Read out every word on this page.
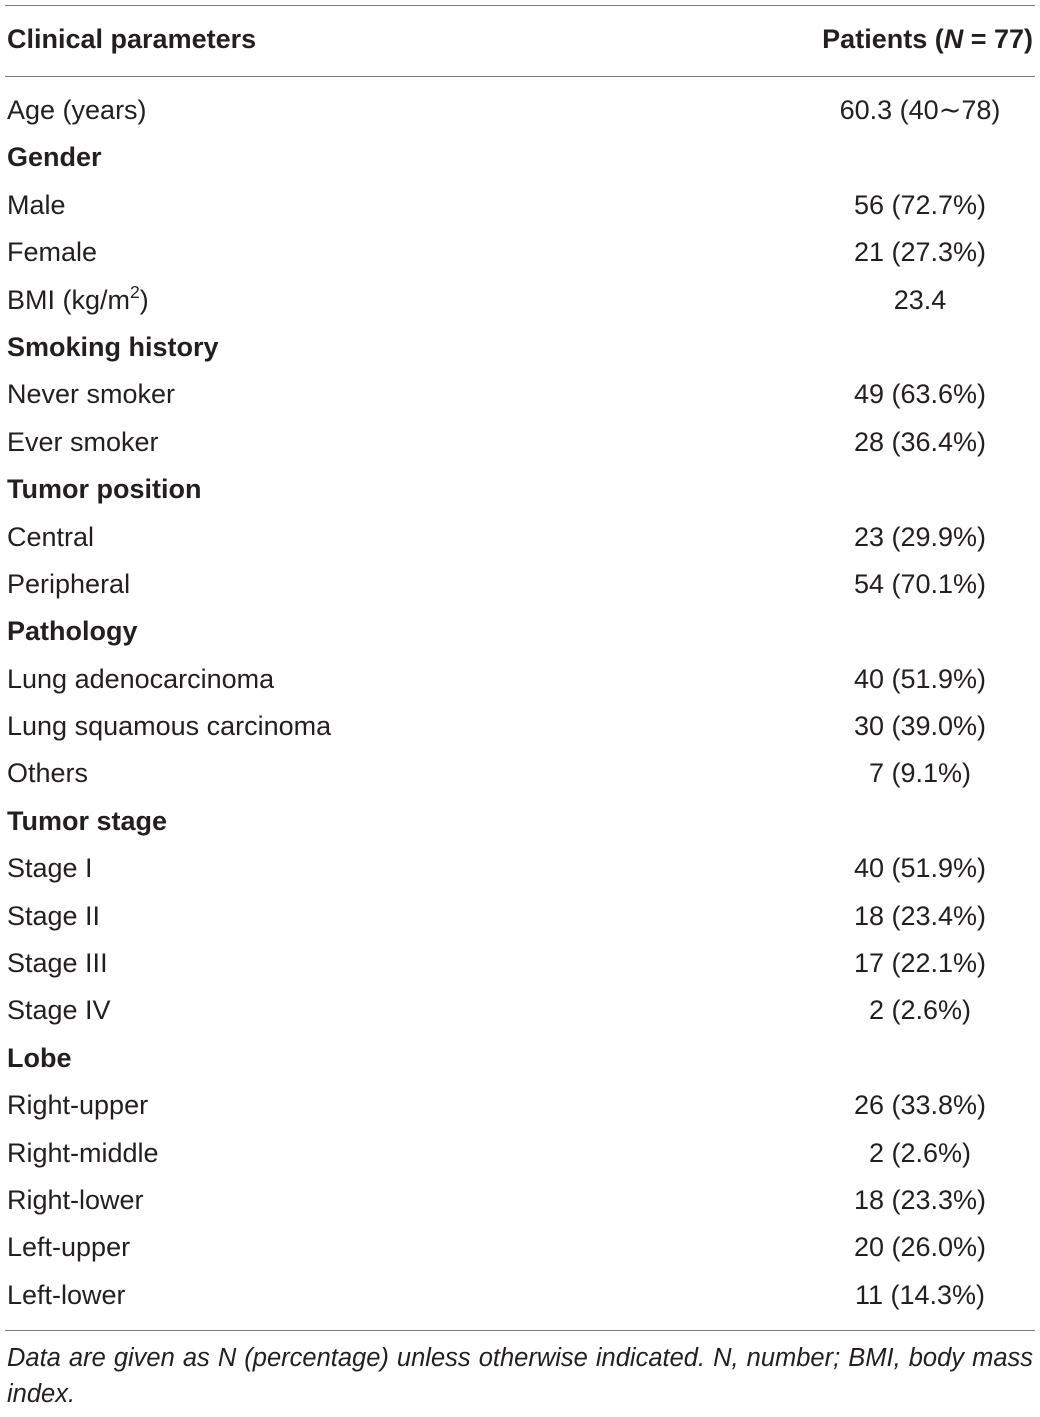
Clinical parameters	Patients (N = 77)
Age (years)	60.3 (40∼78)
Gender
Male	56 (72.7%)
Female	21 (27.3%)
BMI $(kg/m^2)$	23.4
Smoking history
Never smoker	49 (63.6%)
Ever smoker	28 (36.4%)
Tumor position
Central	23 (29.9%)
Peripheral	54 (70.1%)
Pathology
Lung adenocarcinoma	40 (51.9%)
Lung squamous carcinoma	30 (39.0%)
Others	7 (9.1%)
Tumor stage
Stage I	40 (51.9%)
Stage II	18 (23.4%)
Stage III	17 (22.1%)
Stage IV	2 (2.6%)
Lobe
Right-upper	26 (33.8%)
Right-middle	2 (2.6%)
Right-lower	18 (23.3%)
Left-upper	20 (26.0%)
Left-lower	11 (14.3%)
Data are given as N (percentage) unless otherwise indicated. N, number; BMI, body mass index.
